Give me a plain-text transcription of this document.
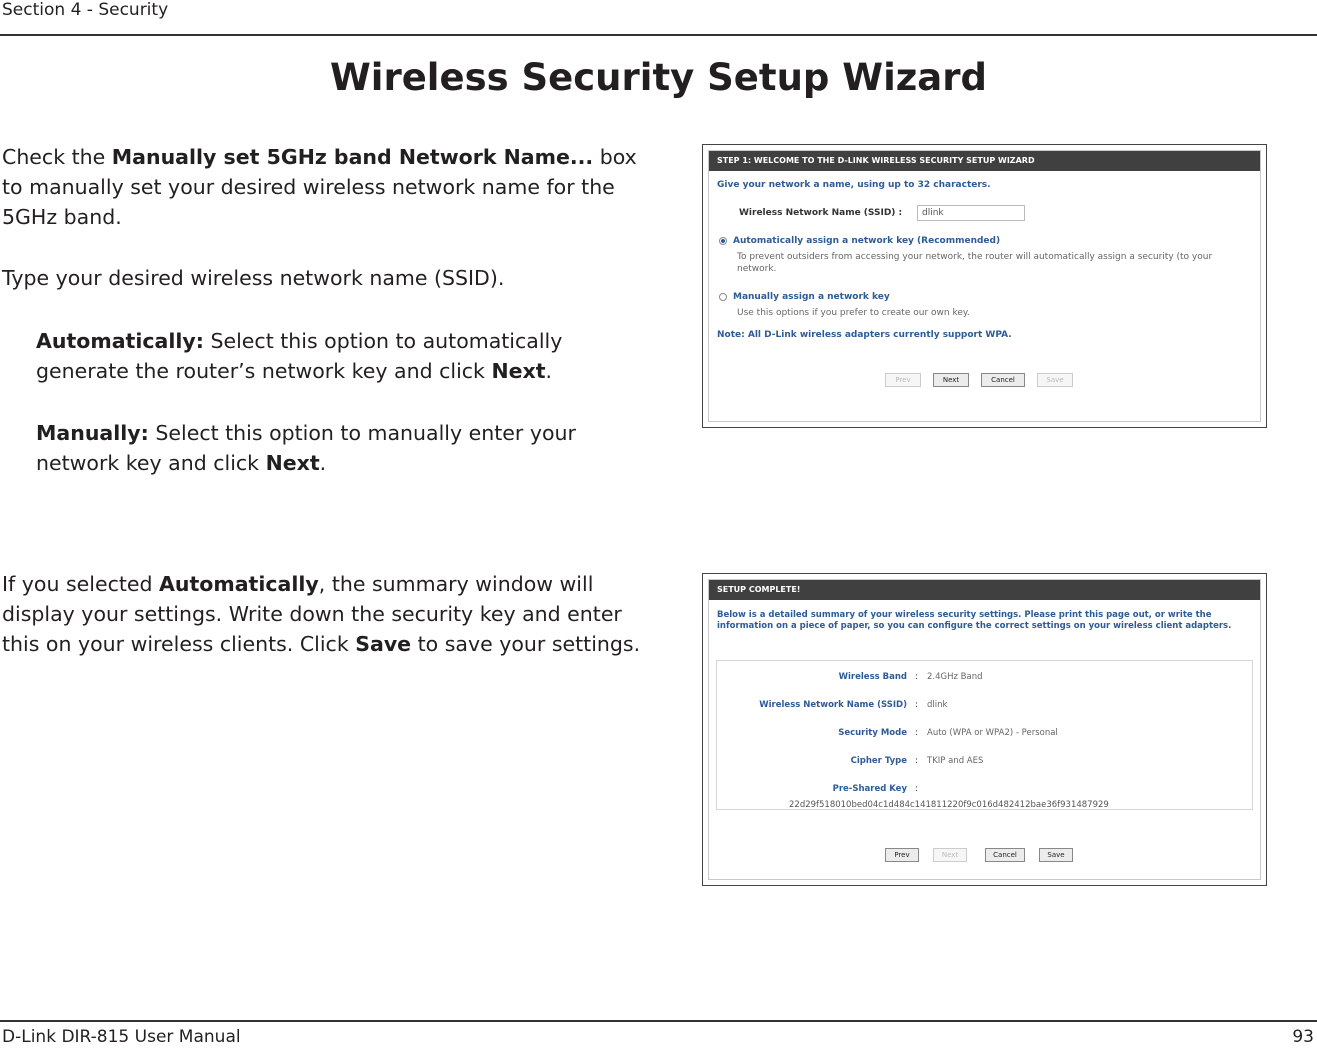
Section 4 - Security
Wireless Security Setup Wizard
Check the Manually set 5GHz band Network Name... box to manually set your desired wireless network name for the 5GHz band.
Type your desired wireless network name (SSID).
Automatically: Select this option to automatically generate the router’s network key and click Next.
Manually: Select this option to manually enter your network key and click Next.
If you selected Automatically, the summary window will display your settings. Write down the security key and enter this on your wireless clients. Click Save to save your settings.
STEP 1: WELCOME TO THE D-LINK WIRELESS SECURITY SETUP WIZARD
Give your network a name, using up to 32 characters.
Wireless Network Name (SSID) :	dlink
Automatically assign a network key (Recommended)
To prevent outsiders from accessing your network, the router will automatically assign a security (to your network.
Manually assign a network key
Use this options if you prefer to create our own key.
Note: All D-Link wireless adapters currently support WPA.
Prev	Next	Cancel	Save
SETUP COMPLETE!
Below is a detailed summary of your wireless security settings. Please print this page out, or write the information on a piece of paper, so you can configure the correct settings on your wireless client adapters.
Wireless Band : 2.4GHz Band
Wireless Network Name (SSID) : dlink
Security Mode : Auto (WPA or WPA2) - Personal
Cipher Type : TKIP and AES
Pre-Shared Key :
22d29f518010bed04c1d484c141811220f9c016d482412bae36f931487929
Prev	Next	Cancel	Save
D-Link DIR-815 User Manual	93
